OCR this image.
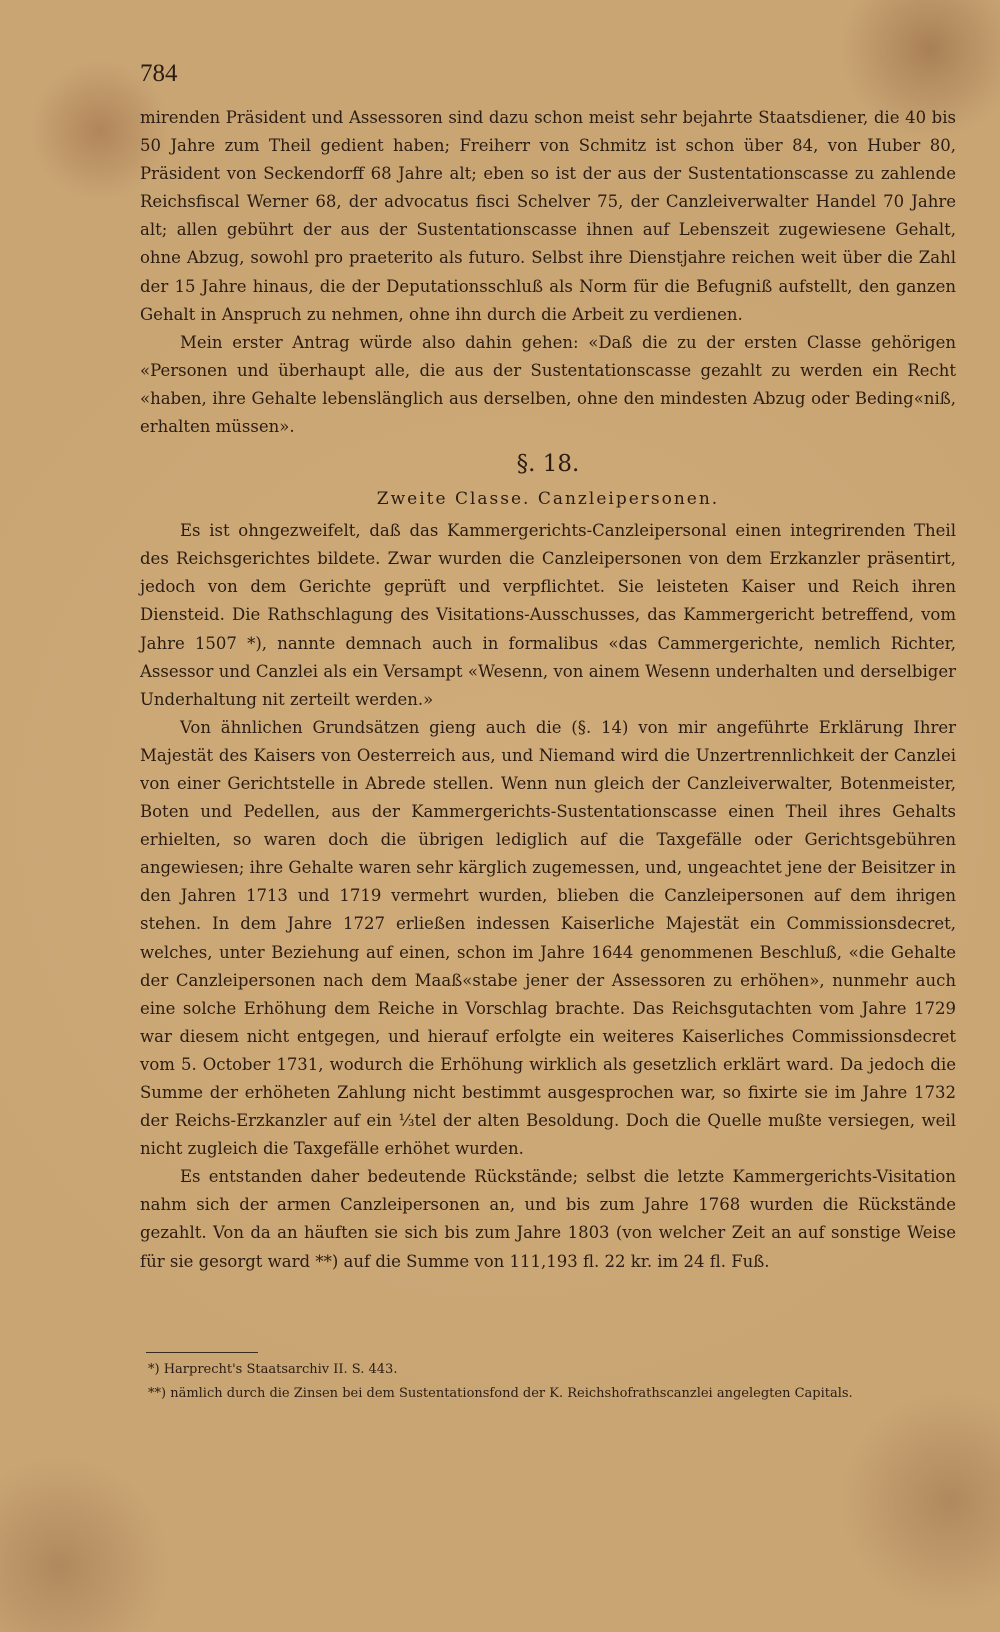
784

mirenden Präsident und Assessoren sind dazu schon meist sehr bejahrte Staatsdiener, die 40 bis 50 Jahre zum Theil gedient haben; Freiherr von Schmitz ist schon über 84, von Huber 80, Präsident von Seckendorff 68 Jahre alt; eben so ist der aus der Sustentationscasse zu zahlende Reichsfiscal Werner 68, der advocatus fisci Schelver 75, der Canzleiverwalter Handel 70 Jahre alt; allen gebührt der aus der Sustentationscasse ihnen auf Lebenszeit zugewiesene Gehalt, ohne Abzug, sowohl pro praeterito als futuro. Selbst ihre Dienstjahre reichen weit über die Zahl der 15 Jahre hinaus, die der Deputationsschluß als Norm für die Befugniß aufstellt, den ganzen Gehalt in Anspruch zu nehmen, ohne ihn durch die Arbeit zu verdienen.

Mein erster Antrag würde also dahin gehen: «Daß die zu der ersten Classe gehörigen «Personen und überhaupt alle, die aus der Sustentationscasse gezahlt zu werden ein Recht «haben, ihre Gehalte lebenslänglich aus derselben, ohne den mindesten Abzug oder Beding«niß, erhalten müssen».

§. 18.

Zweite Classe. Canzleipersonen.

Es ist ohngezweifelt, daß das Kammergerichts-Canzleipersonal einen integrirenden Theil des Reichsgerichtes bildete. Zwar wurden die Canzleipersonen von dem Erzkanzler präsentirt, jedoch von dem Gerichte geprüft und verpflichtet. Sie leisteten Kaiser und Reich ihren Diensteid. Die Rathschlagung des Visitations-Ausschusses, das Kammergericht betreffend, vom Jahre 1507 *), nannte demnach auch in formalibus «das Cammergerichte, nemlich Richter, Assessor und Canzlei als ein Versampt «Wesenn, von ainem Wesenn underhalten und derselbiger Underhaltung nit zerteilt werden.»

Von ähnlichen Grundsätzen gieng auch die (§. 14) von mir angeführte Erklärung Ihrer Majestät des Kaisers von Oesterreich aus, und Niemand wird die Unzertrennlichkeit der Canzlei von einer Gerichtstelle in Abrede stellen. Wenn nun gleich der Canzleiverwalter, Botenmeister, Boten und Pedellen, aus der Kammergerichts-Sustentationscasse einen Theil ihres Gehalts erhielten, so waren doch die übrigen lediglich auf die Taxgefälle oder Gerichtsgebühren angewiesen; ihre Gehalte waren sehr kärglich zugemessen, und, ungeachtet jene der Beisitzer in den Jahren 1713 und 1719 vermehrt wurden, blieben die Canzleipersonen auf dem ihrigen stehen. In dem Jahre 1727 erließen indessen Kaiserliche Majestät ein Commissionsdecret, welches, unter Beziehung auf einen, schon im Jahre 1644 genommenen Beschluß, «die Gehalte der Canzleipersonen nach dem Maaß«stabe jener der Assessoren zu erhöhen», nunmehr auch eine solche Erhöhung dem Reiche in Vorschlag brachte. Das Reichsgutachten vom Jahre 1729 war diesem nicht entgegen, und hierauf erfolgte ein weiteres Kaiserliches Commissionsdecret vom 5. October 1731, wodurch die Erhöhung wirklich als gesetzlich erklärt ward. Da jedoch die Summe der erhöheten Zahlung nicht bestimmt ausgesprochen war, so fixirte sie im Jahre 1732 der Reichs-Erzkanzler auf ein ⅓tel der alten Besoldung. Doch die Quelle mußte versiegen, weil nicht zugleich die Taxgefälle erhöhet wurden.

Es entstanden daher bedeutende Rückstände; selbst die letzte Kammergerichts-Visitation nahm sich der armen Canzleipersonen an, und bis zum Jahre 1768 wurden die Rückstände gezahlt. Von da an häuften sie sich bis zum Jahre 1803 (von welcher Zeit an auf sonstige Weise für sie gesorgt ward **) auf die Summe von 111,193 fl. 22 kr. im 24 fl. Fuß.

*) Harprecht's Staatsarchiv II. S. 443.
**) nämlich durch die Zinsen bei dem Sustentationsfond der K. Reichshofrathscanzlei angelegten Capitals.
